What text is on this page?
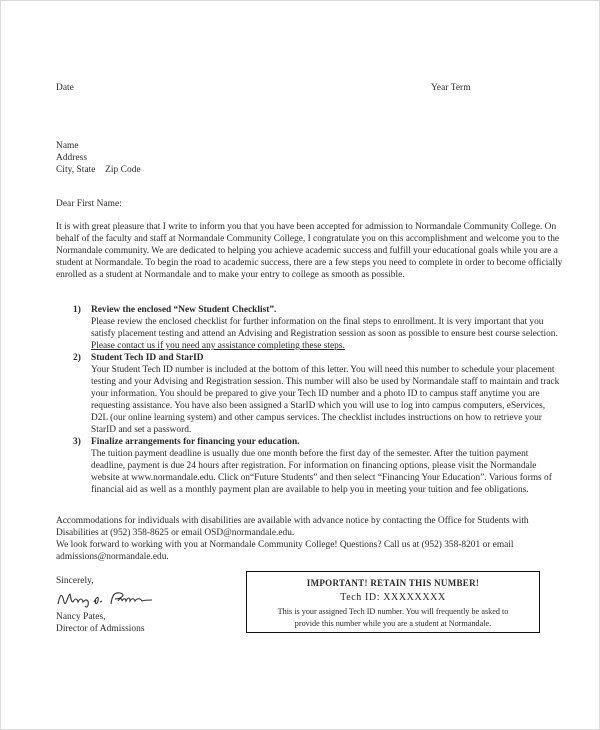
Date	Year Term
Name
Address
City, State    Zip Code
Dear First Name:
It is with great pleasure that I write to inform you that you have been accepted for admission to Normandale Community College. On behalf of the faculty and staff at Normandale Community College, I congratulate you on this accomplishment and welcome you to the Normandale community. We are dedicated to helping you achieve academic success and fulfill your educational goals while you are a student at Normandale. To begin the road to academic success, there are a few steps you need to complete in order to become officially enrolled as a student at Normandale and to make your entry to college as smooth as possible.
1) Review the enclosed “New Student Checklist”.
Please review the enclosed checklist for further information on the final steps to enrollment. It is very important that you satisfy placement testing and attend an Advising and Registration session as soon as possible to ensure best course selection.  Please contact us if you need any assistance completing these steps.
2) Student Tech ID and StarID
Your Student Tech ID number is included at the bottom of this letter. You will need this number to schedule your placement testing and your Advising and Registration session. This number will also be used by Normandale staff to maintain and track your information. You should be prepared to give your Tech ID number and a photo ID to campus staff anytime you are requesting assistance. You have also been assigned a StarID which you will use to log into campus computers, eServices, D2L (our online learning system) and other campus services. The checklist includes instructions on how to retrieve your StarID and set a password.
3) Finalize arrangements for financing your education.
The tuition payment deadline is usually due one month before the first day of the semester. After the tuition payment deadline, payment is due 24 hours after registration. For information on financing options, please visit the Normandale website at www.normandale.edu. Click on“Future Students” and then select “Financing Your Education”. Various forms of financial aid as well as a monthly payment plan are available to help you in meeting your tuition and fee obligations.
Accommodations for individuals with disabilities are available with advance notice by contacting the Office for Students with Disabilities at (952) 358-8625 or email OSD@normandale.edu.
We look forward to working with you at Normandale Community College! Questions? Call us at (952) 358-8201 or email admissions@normandale.edu.
Sincerely,
Nancy Pates,
Director of Admissions
IMPORTANT! RETAIN THIS NUMBER!
Tech ID: XXXXXXXX
This is your assigned Tech ID number. You will frequently be asked to
provide this number while you are a student at Normandale.
